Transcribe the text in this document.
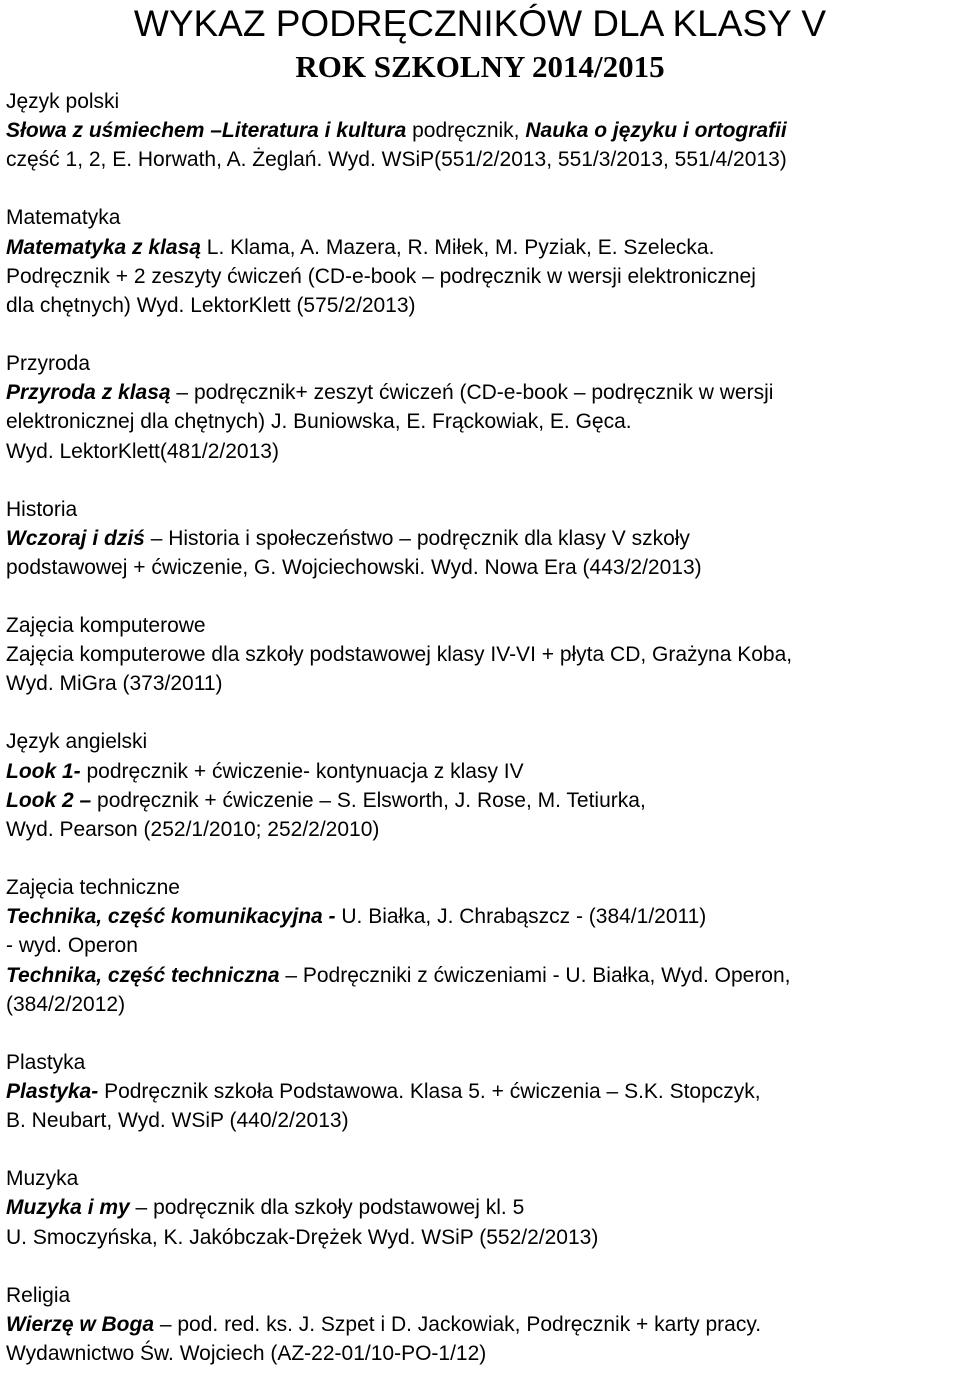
WYKAZ PODRĘCZNIKÓW DLA KLASY V
ROK SZKOLNY 2014/2015
Język polski
Słowa z uśmiechem –Literatura i kultura podręcznik, Nauka o języku i ortografii
część 1, 2, E. Horwath, A. Żeglań. Wyd. WSiP(551/2/2013, 551/3/2013, 551/4/2013)
Matematyka
Matematyka z klasą L. Klama, A. Mazera, R. Miłek, M. Pyziak, E. Szelecka.
Podręcznik + 2 zeszyty ćwiczeń (CD-e-book – podręcznik w wersji elektronicznej
dla chętnych) Wyd. LektorKlett (575/2/2013)
Przyroda
Przyroda z klasą – podręcznik+ zeszyt ćwiczeń (CD-e-book – podręcznik w wersji
elektronicznej dla chętnych) J. Buniowska, E. Frąckowiak, E. Gęca.
Wyd. LektorKlett(481/2/2013)
Historia
Wczoraj i dziś – Historia i społeczeństwo – podręcznik dla klasy V szkoły
podstawowej + ćwiczenie, G. Wojciechowski. Wyd. Nowa Era (443/2/2013)
Zajęcia komputerowe
Zajęcia komputerowe dla szkoły podstawowej klasy IV-VI + płyta CD, Grażyna Koba,
Wyd. MiGra (373/2011)
Język angielski
Look 1- podręcznik + ćwiczenie- kontynuacja z klasy IV
Look 2 – podręcznik + ćwiczenie – S. Elsworth, J. Rose, M. Tetiurka,
Wyd. Pearson (252/1/2010; 252/2/2010)
Zajęcia techniczne
Technika, część komunikacyjna - U. Białka, J. Chrabąszcz - (384/1/2011)
- wyd. Operon
Technika, część techniczna – Podręczniki z ćwiczeniami - U. Białka, Wyd. Operon,
(384/2/2012)
Plastyka
Plastyka- Podręcznik szkoła Podstawowa. Klasa 5. + ćwiczenia – S.K. Stopczyk,
B. Neubart, Wyd. WSiP (440/2/2013)
Muzyka
Muzyka i my – podręcznik dla szkoły podstawowej kl. 5
U. Smoczyńska, K. Jakóbczak-Drężek Wyd. WSiP (552/2/2013)
Religia
Wierzę w Boga – pod. red. ks. J. Szpet i D. Jackowiak, Podręcznik + karty pracy.
Wydawnictwo Św. Wojciech (AZ-22-01/10-PO-1/12)
